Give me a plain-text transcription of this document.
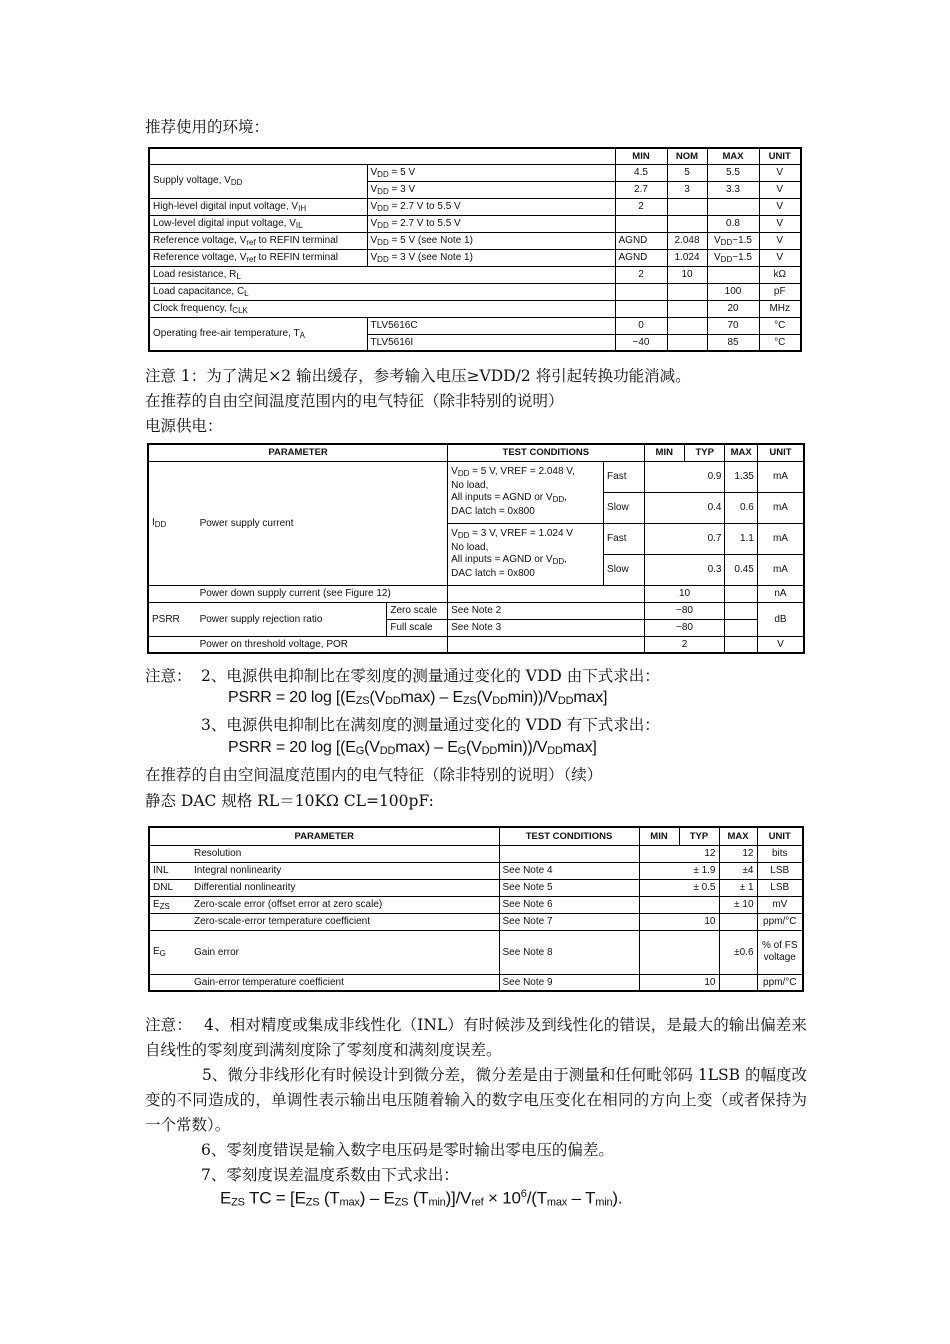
推荐使用的环境：
		MIN	NOM	MAX	UNIT
Supply voltage, $V_{DD}$	$V_{DD} = 5$ V	4.5	5	5.5	V
	$V_{DD} = 3$ V	2.7	3	3.3	V
High-level digital input voltage, $V_{IH}$	$V_{DD} = 2.7$ V to 5.5 V	2			V
Low-level digital input voltage, $V_{IL}$	$V_{DD} = 2.7$ V to 5.5 V			0.8	V
Reference voltage, $V_{ref}$ to REFIN terminal	$V_{DD} = 5$ V (see Note 1)	AGND	2.048	$V_{DD}-1.5$	V
Reference voltage, $V_{ref}$ to REFIN terminal	$V_{DD} = 3$ V (see Note 1)	AGND	1.024	$V_{DD}-1.5$	V
Load resistance, $R_L$		2	10		kΩ
Load capacitance, $C_L$				100	pF
Clock frequency, $f_{CLK}$				20	MHz
Operating free-air temperature, $T_A$	TLV5616C	0		70	°C
	TLV5616I	−40		85	°C
注意 1：为了满足×2 输出缓存，参考输入电压≥VDD/2 将引起转换功能消减。
在推荐的自由空间温度范围内的电气特征（除非特别的说明）
电源供电：
PARAMETER			TEST CONDITIONS		MIN	TYP	MAX	UNIT
$I_{DD}$	Power supply current		$V_{DD} = 5$ V, VREF = 2.048 V,
No load,
All inputs = AGND or $V_{DD}$,
DAC latch = 0x800	Fast		0.9	1.35	mA
				Slow		0.4	0.6	mA
			$V_{DD} = 3$ V, VREF = 1.024 V
No load,
All inputs = AGND or $V_{DD}$,
DAC latch = 0x800	Fast		0.7	1.1	mA
				Slow		0.3	0.45	mA
	Power down supply current (see Figure 12)				10			nA
PSRR	Power supply rejection ratio	Zero scale	See Note 2		−80			dB
		Full scale	See Note 3		−80			
	Power on threshold voltage, POR				2			V
注意： 2、电源供电抑制比在零刻度的测量通过变化的 VDD 由下式求出：
PSRR = 20 $\log [(E_{ZS}(V_{DD}\max) - E_{ZS}(V_{DD}\min))/V_{DD}\max]$
3、电源供电抑制比在满刻度的测量通过变化的 VDD 有下式求出：
PSRR = 20 $\log [(E_G(V_{DD}\max) - E_G(V_{DD}\min))/V_{DD}\max]$
在推荐的自由空间温度范围内的电气特征（除非特别的说明）（续）
静态 DAC 规格 RL＝10KΩ CL=100pF:
PARAMETER		TEST CONDITIONS	MIN	TYP	MAX	UNIT
	Resolution			12	12	bits
INL	Integral nonlinearity	See Note 4		± 1.9	±4	LSB
DNL	Differential nonlinearity	See Note 5		± 0.5	± 1	LSB
$E_{ZS}$	Zero-scale error (offset error at zero scale)	See Note 6			± 10	mV
	Zero-scale-error temperature coefficient	See Note 7		10		ppm/°C
$E_G$	Gain error	See Note 8			±0.6	% of FS voltage
	Gain-error temperature coefficient	See Note 9		10		ppm/°C
注意： 4、相对精度或集成非线性化（INL）有时候涉及到线性化的错误，是最大的输出偏差来自线性的零刻度到满刻度除了零刻度和满刻度误差。
5、微分非线形化有时候设计到微分差，微分差是由于测量和任何毗邻码 1LSB 的幅度改变的不同造成的，单调性表示输出电压随着输入的数字电压变化在相同的方向上变（或者保持为一个常数）。
6、零刻度错误是输入数字电压码是零时输出零电压的偏差。
7、零刻度误差温度系数由下式求出：
$E_{ZS}$ TC = [$E_{ZS}$ $(T_{max}) - E_{ZS}$ $(T_{min})]/V_{ref} \times 10^6/(T_{max} - T_{min})$.
